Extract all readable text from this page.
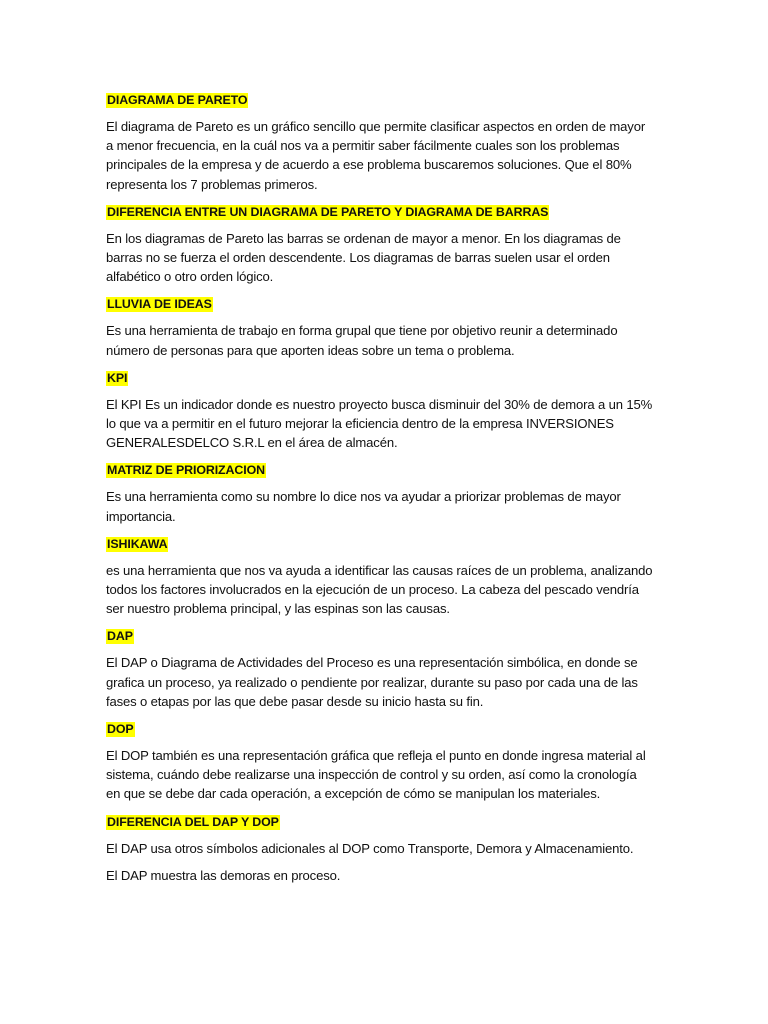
DIAGRAMA DE PARETO

El diagrama de Pareto es un gráfico sencillo que permite clasificar aspectos en orden de mayor a menor frecuencia, en la cuál nos va a permitir saber fácilmente cuales son los problemas principales de la empresa y de acuerdo a ese problema buscaremos soluciones. Que el 80% representa los 7 problemas primeros.

DIFERENCIA ENTRE UN DIAGRAMA DE PARETO Y DIAGRAMA DE BARRAS

En los diagramas de Pareto las barras se ordenan de mayor a menor. En los diagramas de barras no se fuerza el orden descendente. Los diagramas de barras suelen usar el orden alfabético o otro orden lógico.

LLUVIA DE IDEAS

Es una herramienta de trabajo en forma grupal que tiene por objetivo reunir a determinado número de personas para que aporten ideas sobre un tema o problema.

KPI

El KPI Es un indicador donde es nuestro proyecto busca disminuir del 30% de demora a un 15% lo que va a permitir en el futuro mejorar la eficiencia dentro de la empresa INVERSIONES GENERALESDELCO S.R.L en el área de almacén.

MATRIZ DE PRIORIZACION

Es una herramienta como su nombre lo dice nos va ayudar a priorizar problemas de mayor importancia.

ISHIKAWA

es una herramienta que nos va ayuda a identificar las causas raíces de un problema, analizando todos los factores involucrados en la ejecución de un proceso. La cabeza del pescado vendría ser nuestro problema principal, y las espinas son las causas.

DAP

El DAP o Diagrama de Actividades del Proceso es una representación simbólica, en donde se grafica un proceso, ya realizado o pendiente por realizar, durante su paso por cada una de las fases o etapas por las que debe pasar desde su inicio hasta su fin.

DOP

El DOP también es una representación gráfica que refleja el punto en donde ingresa material al sistema, cuándo debe realizarse una inspección de control y su orden, así como la cronología en que se debe dar cada operación, a excepción de cómo se manipulan los materiales.

DIFERENCIA DEL DAP Y DOP

El DAP usa otros símbolos adicionales al DOP como Transporte, Demora y Almacenamiento.

El DAP muestra las demoras en proceso.
